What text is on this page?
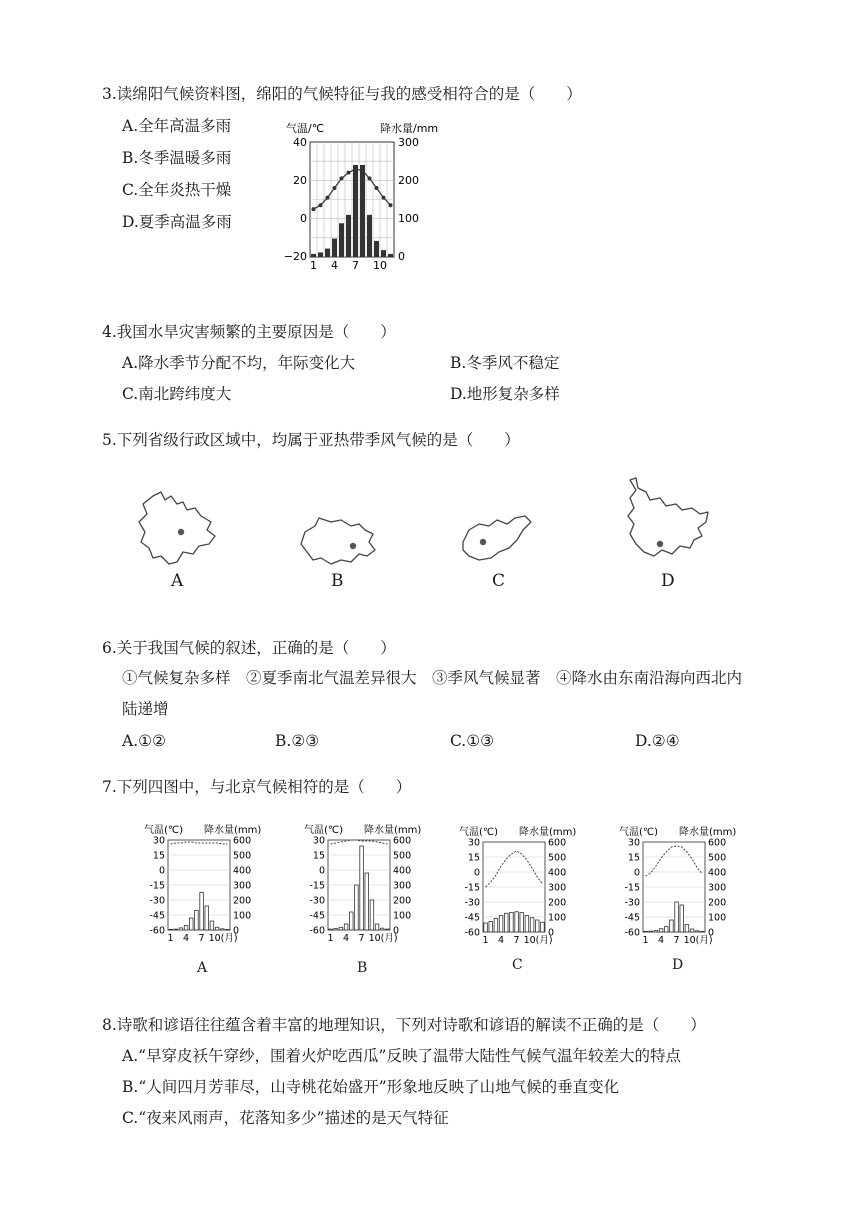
3.读绵阳气候资料图，绵阳的气候特征与我的感受相符合的是（　　）
A.全年高温多雨
B.冬季温暖多雨
C.全年炎热干燥
D.夏季高温多雨
气温/℃	降水量/mm
40
20
0
−20
300
200
100
0
1 4 7 10
4.我国水旱灾害频繁的主要原因是（　　）
A.降水季节分配不均，年际变化大	B.冬季风不稳定
C.南北跨纬度大	D.地形复杂多样
5.下列省级行政区域中，均属于亚热带季风气候的是（　　）
A	B	C	D
6.关于我国气候的叙述，正确的是（　　）
①气候复杂多样　②夏季南北气温差异很大　③季风气候显著　④降水由东南沿海向西北内
陆递增
A.①②	B.②③	C.①③	D.②④
7.下列四图中，与北京气候相符的是（　　）
气温(℃) 降水量(mm)
30	600
15	500
0	400
-15	300
-30	200
-45	100
-60	0
1 4 7 10(月)
A
气温(℃) 降水量(mm)
30	600
15	500
0	400
-15	300
-30	200
-45	100
-60	0
1 4 7 10(月)
B
气温(℃) 降水量(mm)
30	600
15	500
0	400
-15	300
-30	200
-45	100
-60	0
1 4 7 10(月)
C
气温(℃) 降水量(mm)
30	600
15	500
0	400
-15	300
-30	200
-45	100
-60	0
1 4 7 10(月)
D
8.诗歌和谚语往往蕴含着丰富的地理知识，下列对诗歌和谚语的解读不正确的是（　　）
A.“早穿皮袄午穿纱，围着火炉吃西瓜”反映了温带大陆性气候气温年较差大的特点
B.“人间四月芳菲尽，山寺桃花始盛开”形象地反映了山地气候的垂直变化
C.“夜来风雨声，花落知多少”描述的是天气特征
